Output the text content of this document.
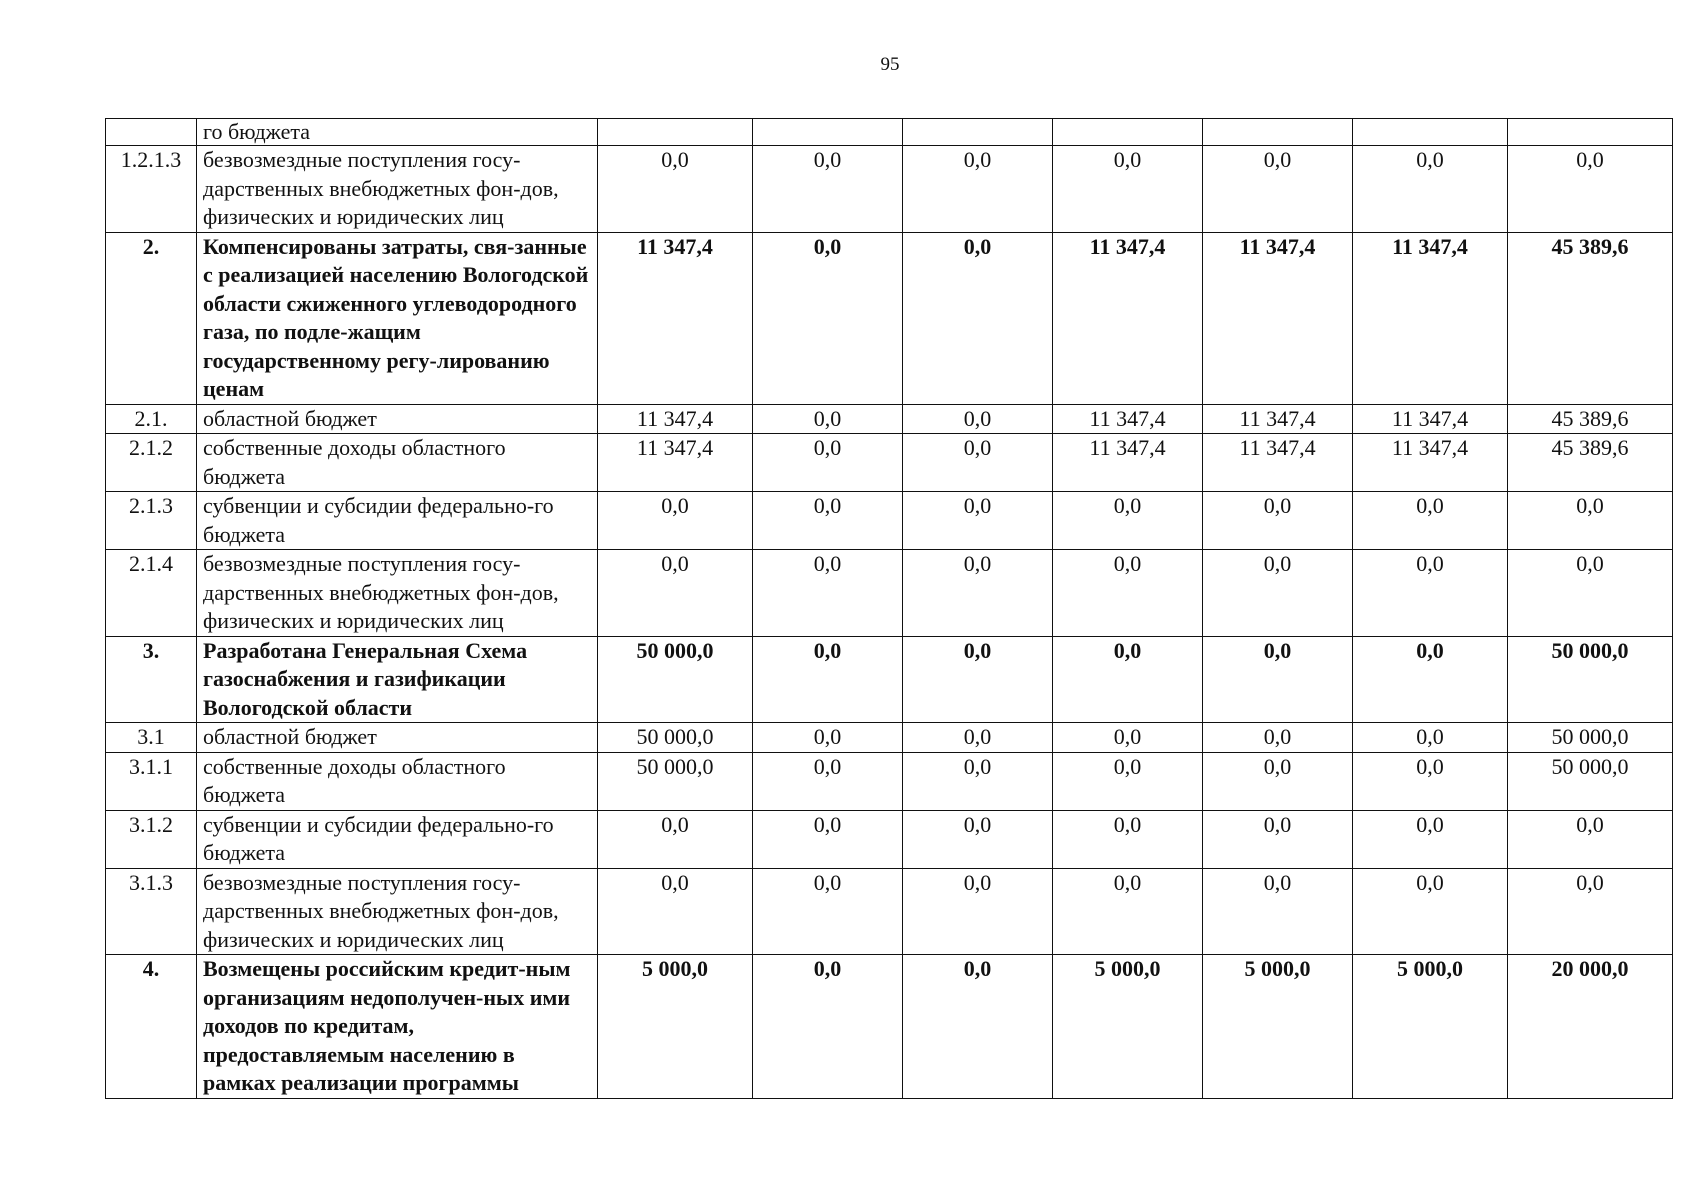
95
	го бюджета							
1.2.1.3	безвозмездные поступления госу-дарственных внебюджетных фон-дов, физических и юридических лиц	0,0	0,0	0,0	0,0	0,0	0,0	0,0
2.	Компенсированы затраты, свя-занные с реализацией населению Вологодской области сжиженного углеводородного газа, по подле-жащим государственному регу-лированию ценам	11 347,4	0,0	0,0	11 347,4	11 347,4	11 347,4	45 389,6
2.1.	областной бюджет	11 347,4	0,0	0,0	11 347,4	11 347,4	11 347,4	45 389,6
2.1.2	собственные доходы областного бюджета	11 347,4	0,0	0,0	11 347,4	11 347,4	11 347,4	45 389,6
2.1.3	субвенции и субсидии федерально-го бюджета	0,0	0,0	0,0	0,0	0,0	0,0	0,0
2.1.4	безвозмездные поступления госу-дарственных внебюджетных фон-дов, физических и юридических лиц	0,0	0,0	0,0	0,0	0,0	0,0	0,0
3.	Разработана Генеральная Схема газоснабжения и газификации Вологодской области	50 000,0	0,0	0,0	0,0	0,0	0,0	50 000,0
3.1	областной бюджет	50 000,0	0,0	0,0	0,0	0,0	0,0	50 000,0
3.1.1	собственные доходы областного бюджета	50 000,0	0,0	0,0	0,0	0,0	0,0	50 000,0
3.1.2	субвенции и субсидии федерально-го бюджета	0,0	0,0	0,0	0,0	0,0	0,0	0,0
3.1.3	безвозмездные поступления госу-дарственных внебюджетных фон-дов, физических и юридических лиц	0,0	0,0	0,0	0,0	0,0	0,0	0,0
4.	Возмещены российским кредит-ным организациям недополучен-ных ими доходов по кредитам, предоставляемым населению в рамках реализации программы	5 000,0	0,0	0,0	5 000,0	5 000,0	5 000,0	20 000,0
